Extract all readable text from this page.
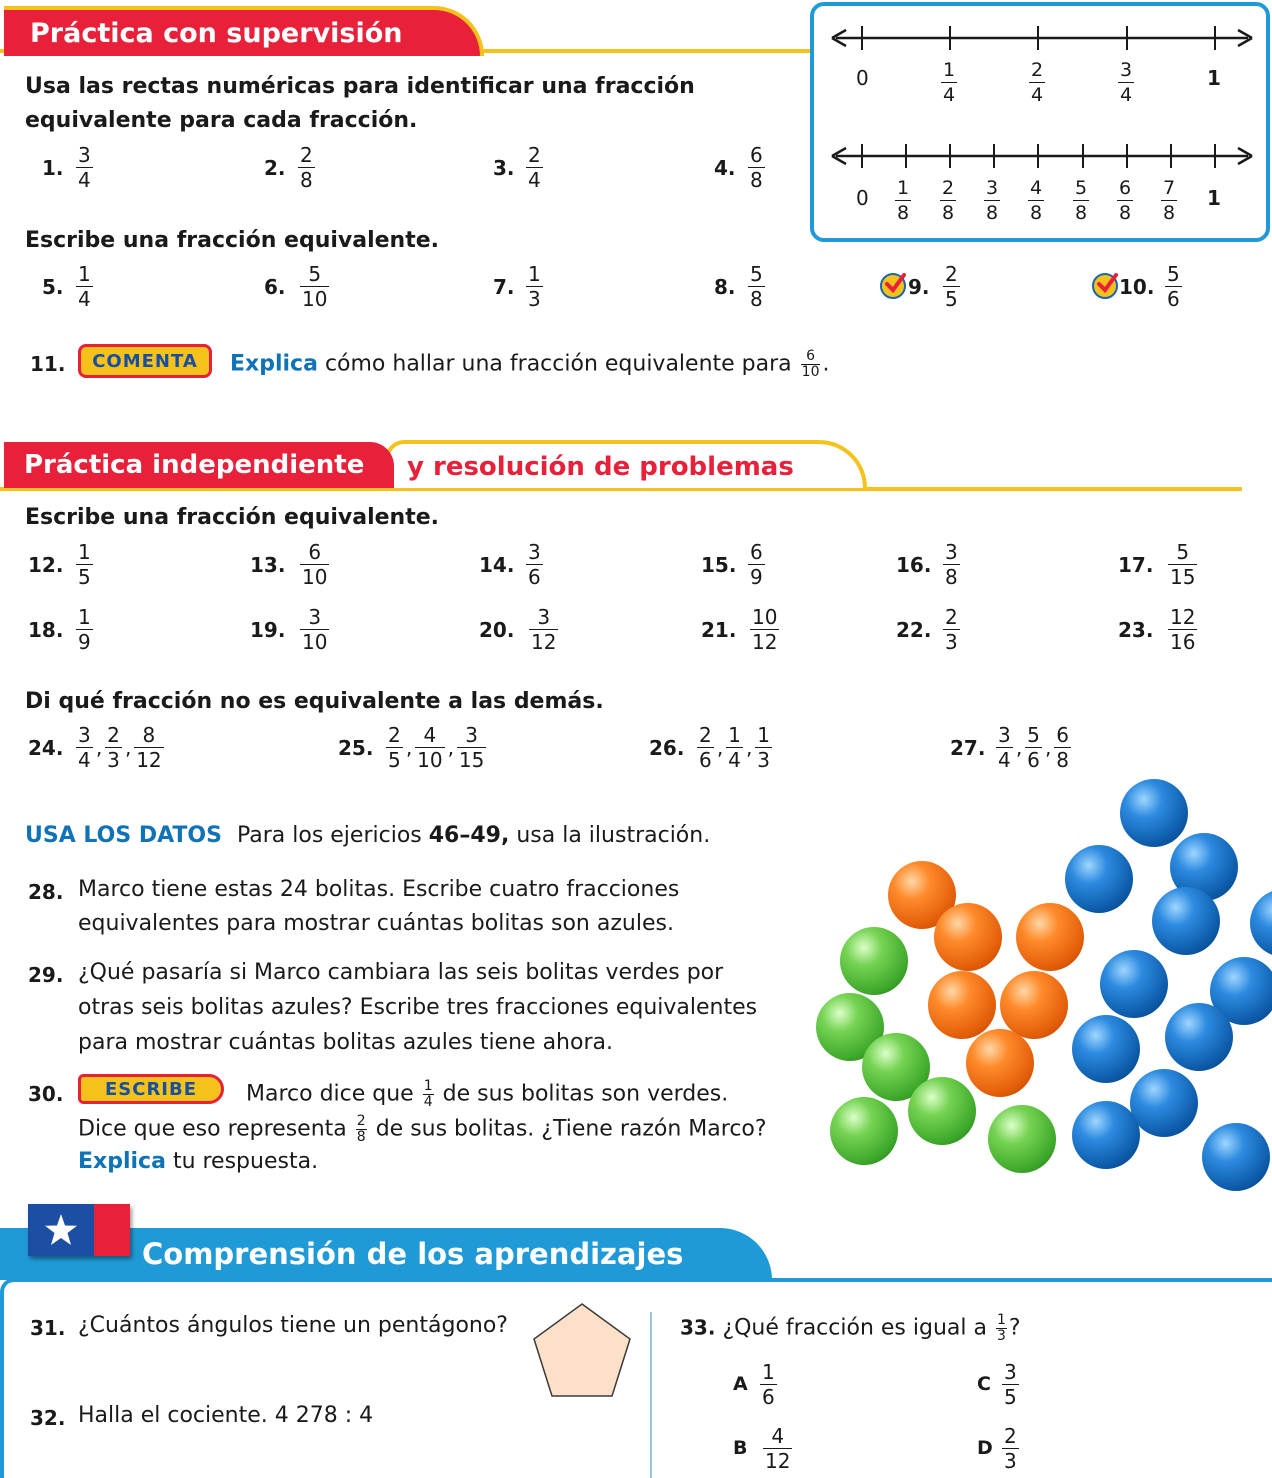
Práctica con supervisión
Usa las rectas numéricas para identificar una fracción
equivalente para cada fracción.
1. $\frac{3}{4}$	2. $\frac{2}{8}$	3. $\frac{2}{4}$	4. $\frac{6}{8}$
Escribe una fracción equivalente.
5. $\frac{1}{4}$	6. $\frac{5}{10}$	7. $\frac{1}{3}$	8. $\frac{5}{8}$	9. $\frac{2}{5}$	10. $\frac{5}{6}$
11.	COMENTA	Explica cómo hallar una fracción equivalente para $\frac{6}{10}$ .
0	$\frac{1}{4}$	$\frac{2}{4}$	$\frac{3}{4}$	1
$0 \frac{1}{8} \frac{2}{8} \frac{3}{8} \frac{4}{8} \frac{5}{8} \frac{6}{8} \frac{7}{8} 1$
y resolución de problemas
Práctica independiente
Escribe una fracción equivalente.
12. $\frac{1}{5}$	13. $\frac{6}{10}$	14. $\frac{3}{6}$	15. $\frac{6}{9}$	16. $\frac{3}{8}$	17. $\frac{5}{15}$
18. $\frac{1}{9}$	19. $\frac{3}{10}$	20. $\frac{3}{12}$	21. $\frac{10}{12}$	22. $\frac{2}{3}$	23. $\frac{12}{16}$
Di qué fracción no es equivalente a las demás.
24. $\frac{3}{4}$ ’ $\frac{2}{3}$ ’ $\frac{8}{12}$	25. $\frac{2}{5}$ ’ $\frac{4}{10}$ ’ $\frac{3}{15}$	26. $\frac{2}{6}$ ’ $\frac{1}{4}$ ’ $\frac{1}{3}$	27. $\frac{3}{4}$ ’ $\frac{5}{6}$ ’ $\frac{6}{8}$
USA LOS DATOS Para los ejericios 46–49, usa la ilustración.
28. Marco tiene estas 24 bolitas. Escribe cuatro fracciones
equivalentes para mostrar cuántas bolitas son azules.
29. ¿Qué pasaría si Marco cambiara las seis bolitas verdes por
otras seis bolitas azules? Escribe tres fracciones equivalentes
para mostrar cuántas bolitas azules tiene ahora.
30.	ESCRIBE	Marco dice que $\frac{1}{4}$ de sus bolitas son verdes.
Dice que eso representa $\frac{2}{8}$ de sus bolitas. ¿Tiene razón Marco?
Explica tu respuesta.
Comprensión de los aprendizajes
31. ¿Cuántos ángulos tiene un pentágono?
32. Halla el cociente. 4 278 : 4
33. ¿Qué fracción es igual a $\frac{1}{3}$ ?
A $\frac{1}{6}$	C $\frac{3}{5}$
B $\frac{4}{12}$	D $\frac{2}{3}$
